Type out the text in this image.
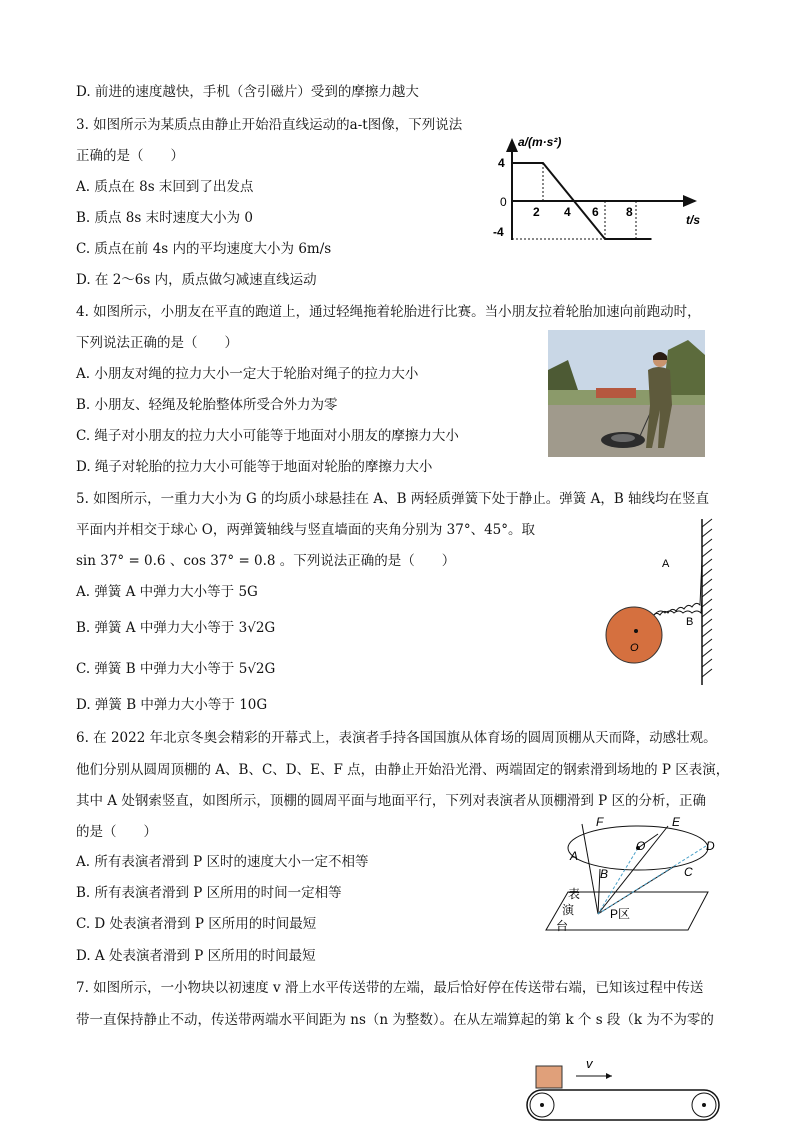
D. 前进的速度越快，手机（含引磁片）受到的摩擦力越大
3. 如图所示为某质点由静止开始沿直线运动的a-t图像，下列说法
正确的是（　　）
A. 质点在 8s 末回到了出发点
B. 质点 8s 末时速度大小为 0
C. 质点在前 4s 内的平均速度大小为 6m/s
D. 在 2～6s 内，质点做匀减速直线运动
4. 如图所示，小朋友在平直的跑道上，通过轻绳拖着轮胎进行比赛。当小朋友拉着轮胎加速向前跑动时，
下列说法正确的是（　　）
A. 小朋友对绳的拉力大小一定大于轮胎对绳子的拉力大小
B. 小朋友、轻绳及轮胎整体所受合外力为零
C. 绳子对小朋友的拉力大小可能等于地面对小朋友的摩擦力大小
D. 绳子对轮胎的拉力大小可能等于地面对轮胎的摩擦力大小
5. 如图所示，一重力大小为 G 的均质小球悬挂在 A、B 两轻质弹簧下处于静止。弹簧 A，B 轴线均在竖直
平面内并相交于球心 O，两弹簧轴线与竖直墙面的夹角分别为 37°、45°。取
sin 37° = 0.6 、cos 37° = 0.8 。下列说法正确的是（　　）
A. 弹簧 A 中弹力大小等于 5G
B. 弹簧 A 中弹力大小等于 3√2G
C. 弹簧 B 中弹力大小等于 5√2G
D. 弹簧 B 中弹力大小等于 10G
6. 在 2022 年北京冬奥会精彩的开幕式上，表演者手持各国国旗从体育场的圆周顶棚从天而降，动感壮观。
他们分别从圆周顶棚的 A、B、C、D、E、F 点，由静止开始沿光滑、两端固定的钢索滑到场地的 P 区表演，
其中 A 处钢索竖直，如图所示，顶棚的圆周平面与地面平行，下列对表演者从顶棚滑到 P 区的分析，正确
的是（　　）
A. 所有表演者滑到 P 区时的速度大小一定不相等
B. 所有表演者滑到 P 区所用的时间一定相等
C. D 处表演者滑到 P 区所用的时间最短
D. A 处表演者滑到 P 区所用的时间最短
7. 如图所示，一小物块以初速度 v 滑上水平传送带的左端，最后恰好停在传送带右端，已知该过程中传送
带一直保持静止不动，传送带两端水平间距为 ns（n 为整数）。在从左端算起的第 k 个 s 段（k 为不为零的
a/(m·s²)
t/s
4
0
-4
2 4 6 8
A
B
O
F	E
O	D
A
B	C
表
演
台
P区
v
